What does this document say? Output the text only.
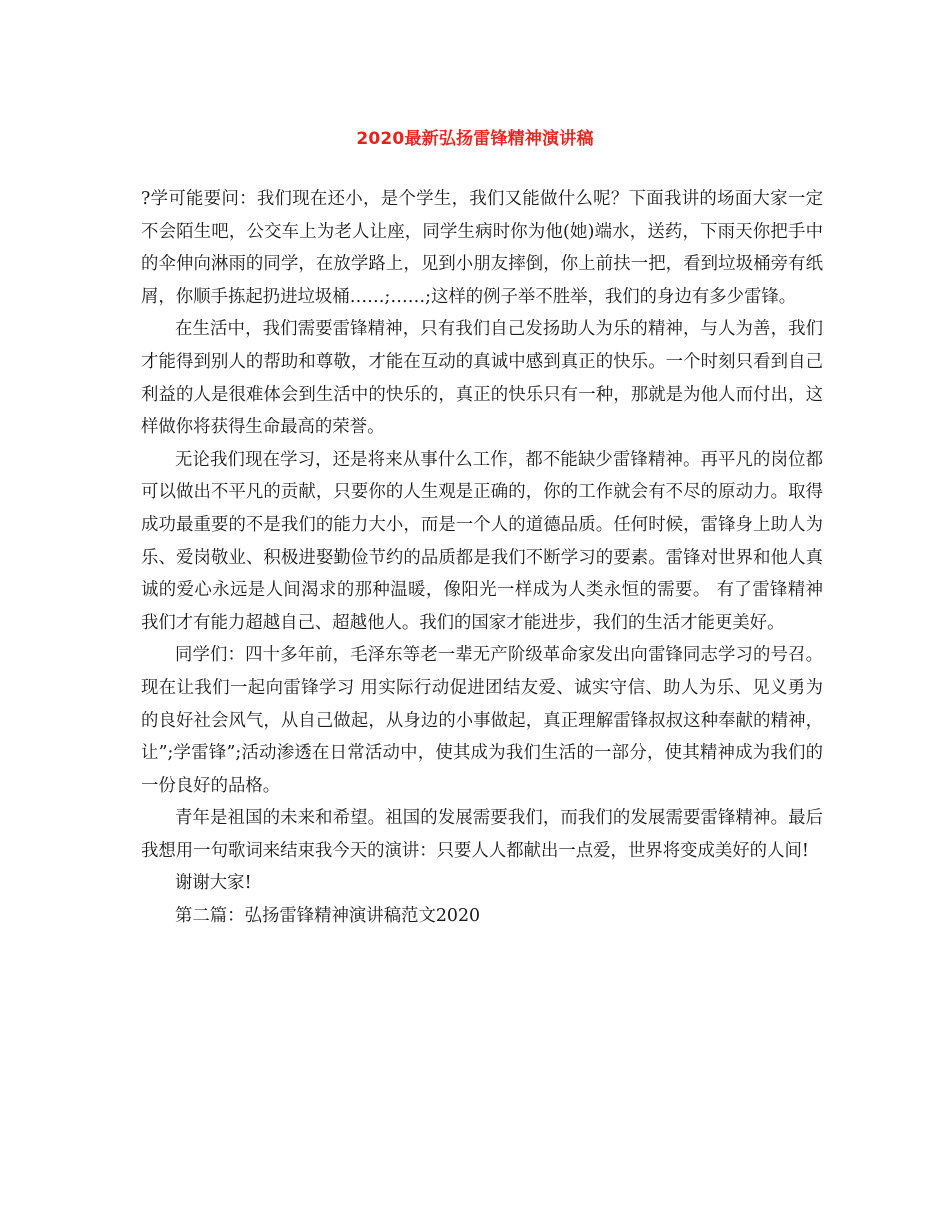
2020最新弘扬雷锋精神演讲稿

?学可能要问：我们现在还小，是个学生，我们又能做什么呢？下面我讲的场面大家一定不会陌生吧，公交车上为老人让座，同学生病时你为他(她)端水，送药，下雨天你把手中的伞伸向淋雨的同学，在放学路上，见到小朋友摔倒，你上前扶一把，看到垃圾桶旁有纸屑，你顺手拣起扔进垃圾桶……;……;这样的例子举不胜举，我们的身边有多少雷锋。

在生活中，我们需要雷锋精神，只有我们自己发扬助人为乐的精神，与人为善，我们才能得到别人的帮助和尊敬，才能在互动的真诚中感到真正的快乐。一个时刻只看到自己利益的人是很难体会到生活中的快乐的，真正的快乐只有一种，那就是为他人而付出，这样做你将获得生命最高的荣誉。

无论我们现在学习，还是将来从事什么工作，都不能缺少雷锋精神。再平凡的岗位都可以做出不平凡的贡献，只要你的人生观是正确的，你的工作就会有不尽的原动力。取得成功最重要的不是我们的能力大小，而是一个人的道德品质。任何时候，雷锋身上助人为乐、爱岗敬业、积极进娶勤俭节约的品质都是我们不断学习的要素。雷锋对世界和他人真诚的爱心永远是人间渴求的那种温暖，像阳光一样成为人类永恒的需要。 有了雷锋精神我们才有能力超越自己、超越他人。我们的国家才能进步，我们的生活才能更美好。

同学们：四十多年前，毛泽东等老一辈无产阶级革命家发出向雷锋同志学习的号召。现在让我们一起向雷锋学习 用实际行动促进团结友爱、诚实守信、助人为乐、见义勇为的良好社会风气，从自己做起，从身边的小事做起，真正理解雷锋叔叔这种奉献的精神，让”;学雷锋”;活动渗透在日常活动中，使其成为我们生活的一部分，使其精神成为我们的一份良好的品格。

青年是祖国的未来和希望。祖国的发展需要我们，而我们的发展需要雷锋精神。最后我想用一句歌词来结束我今天的演讲：只要人人都献出一点爱，世界将变成美好的人间!

谢谢大家!

第二篇：弘扬雷锋精神演讲稿范文2020
